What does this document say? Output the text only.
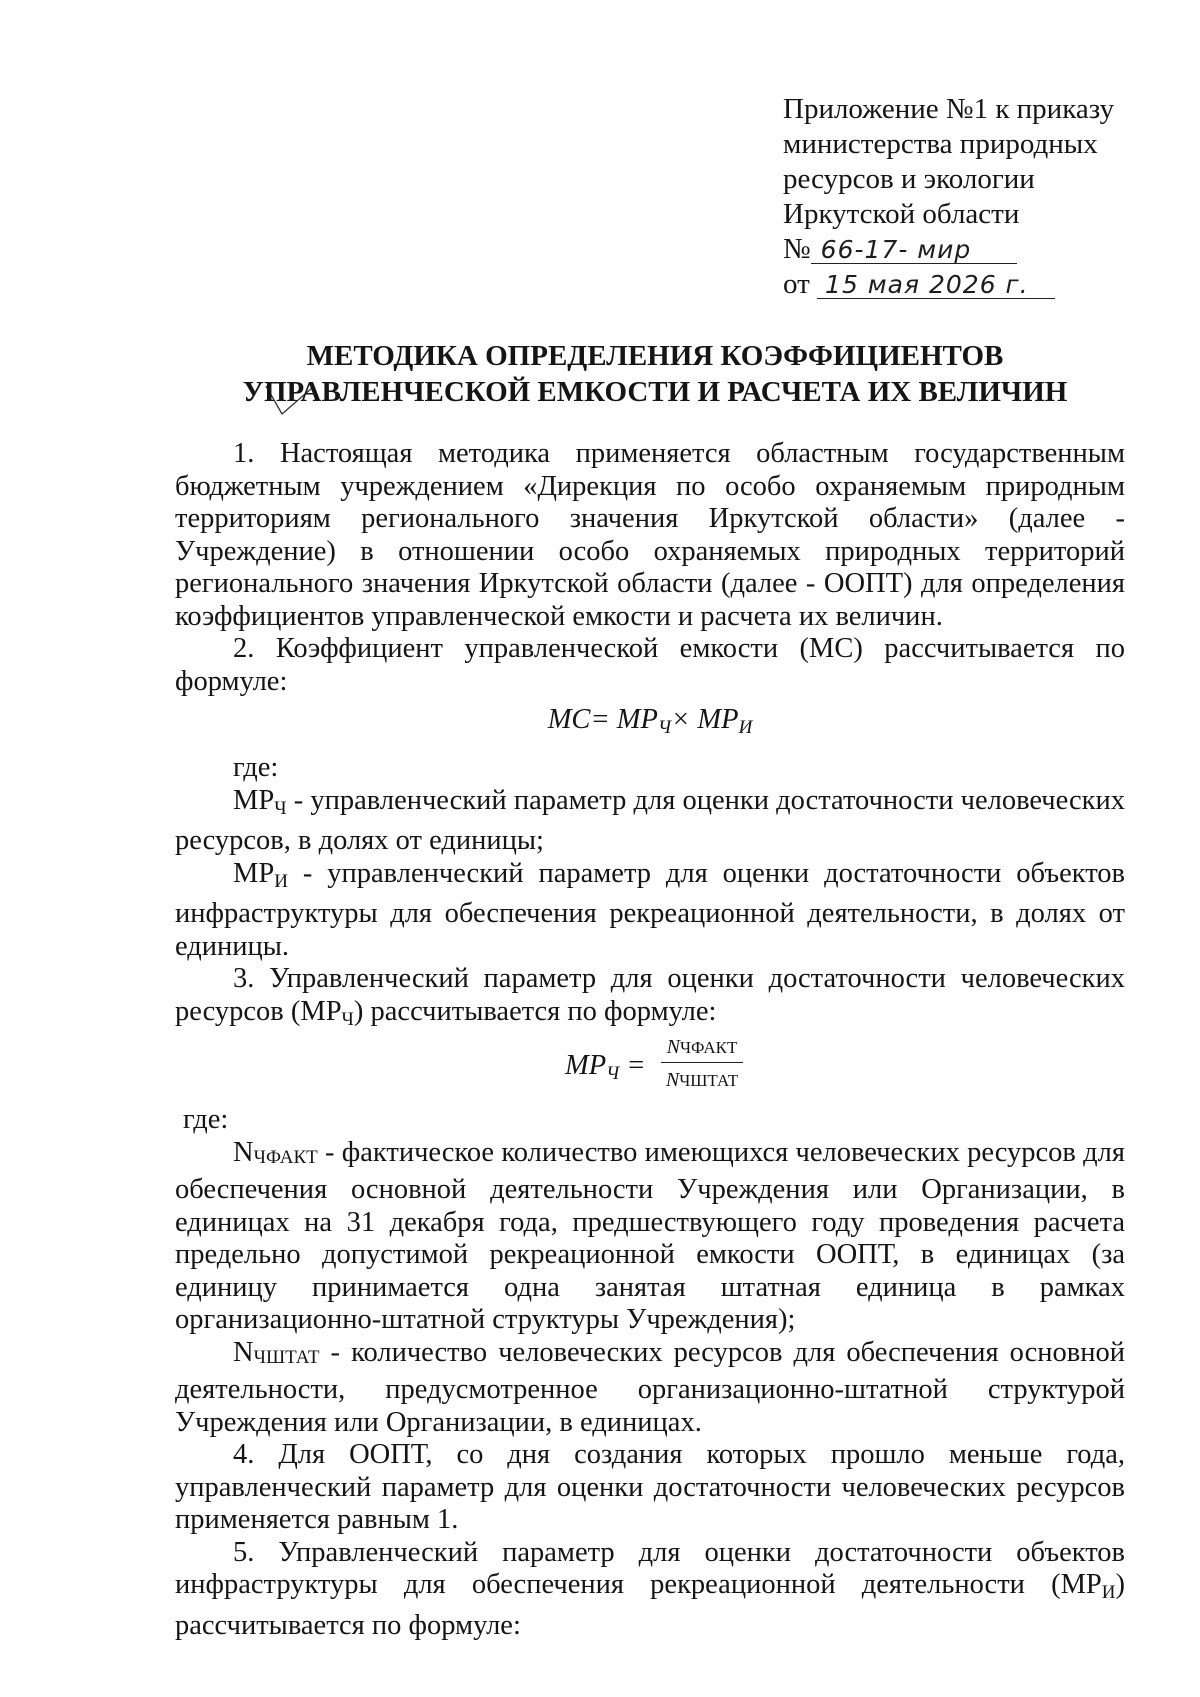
Приложение №1 к приказу
министерства природных
ресурсов и экологии
Иркутской области
№ 66-17- мир
от 15 мая 2026 г.
МЕТОДИКА ОПРЕДЕЛЕНИЯ КОЭФФИЦИЕНТОВ
УПРАВЛЕНЧЕСКОЙ ЕМКОСТИ И РАСЧЕТА ИХ ВЕЛИЧИН

1. Настоящая методика применяется областным государственным бюджетным учреждением «Дирекция по особо охраняемым природным территориям регионального значения Иркутской области» (далее - Учреждение) в отношении особо охраняемых природных территорий регионального значения Иркутской области (далее - ООПТ) для определения коэффициентов управленческой емкости и расчета их величин.

2. Коэффициент управленческой емкости (МС) рассчитывается по формуле:

МС= МРЧ× МРИ

где:

$МР_Ч$ - управленческий параметр для оценки достаточности человеческих ресурсов, в долях от единицы;

$МР_И$ - управленческий параметр для оценки достаточности объектов инфраструктуры для обеспечения рекреационной деятельности, в долях от единицы.

3. Управленческий параметр для оценки достаточности человеческих ресурсов $(МР_Ч)$ рассчитывается по формуле:

МРЧ =
NЧФАКТ
NЧШТАТ

где:

NЧФАКТ - фактическое количество имеющихся человеческих ресурсов для обеспечения основной деятельности Учреждения или Организации, в единицах на 31 декабря года, предшествующего году проведения расчета предельно допустимой рекреационной емкости ООПТ, в единицах (за единицу принимается одна занятая штатная единица в рамках организационно-штатной структуры Учреждения);

NЧШТАТ - количество человеческих ресурсов для обеспечения основной деятельности, предусмотренное организационно-штатной структурой Учреждения или Организации, в единицах.

4. Для ООПТ, со дня создания которых прошло меньше года, управленческий параметр для оценки достаточности человеческих ресурсов применяется равным 1.

5. Управленческий параметр для оценки достаточности объектов инфраструктуры для обеспечения рекреационной деятельности $(МР_И)$ рассчитывается по формуле:
